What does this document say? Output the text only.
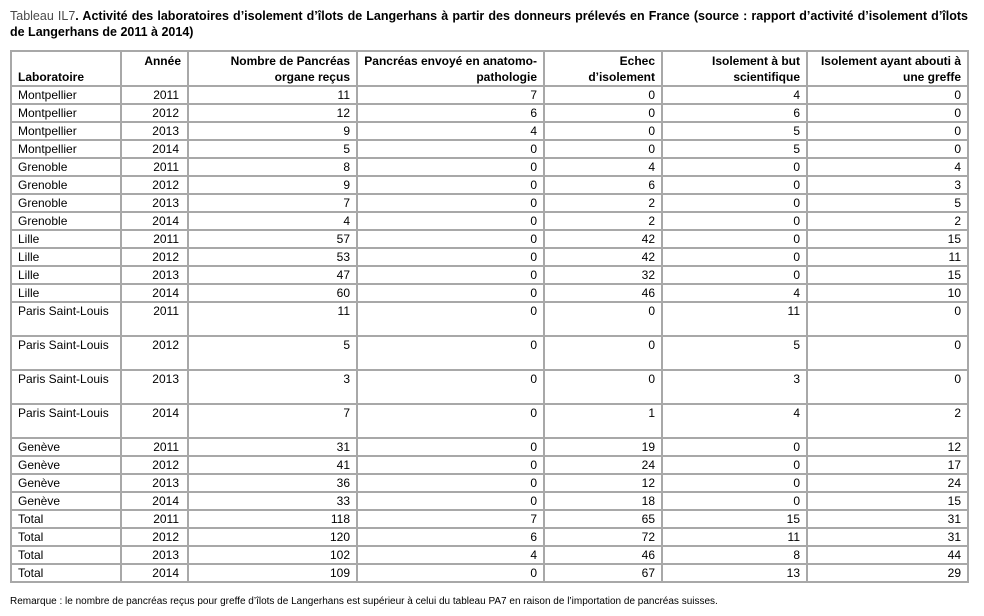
Tableau IL7. Activité des laboratoires d’isolement d’îlots de Langerhans à partir des donneurs prélevés en France (source : rapport d’activité d’isolement d’îlots de Langerhans de 2011 à 2014)
Laboratoire	Année	Nombre de Pancréas organe reçus	Pancréas envoyé en anatomo-pathologie	Echec d’isolement	Isolement à but scientifique	Isolement ayant abouti à une greffe
Montpellier	2011	11	7	0	4	0
Montpellier	2012	12	6	0	6	0
Montpellier	2013	9	4	0	5	0
Montpellier	2014	5	0	0	5	0
Grenoble	2011	8	0	4	0	4
Grenoble	2012	9	0	6	0	3
Grenoble	2013	7	0	2	0	5
Grenoble	2014	4	0	2	0	2
Lille	2011	57	0	42	0	15
Lille	2012	53	0	42	0	11
Lille	2013	47	0	32	0	15
Lille	2014	60	0	46	4	10
Paris Saint-Louis	2011	11	0	0	11	0
Paris Saint-Louis	2012	5	0	0	5	0
Paris Saint-Louis	2013	3	0	0	3	0
Paris Saint-Louis	2014	7	0	1	4	2
Genève	2011	31	0	19	0	12
Genève	2012	41	0	24	0	17
Genève	2013	36	0	12	0	24
Genève	2014	33	0	18	0	15
Total	2011	118	7	65	15	31
Total	2012	120	6	72	11	31
Total	2013	102	4	46	8	44
Total	2014	109	0	67	13	29
Remarque : le nombre de pancréas reçus pour greffe d’îlots de Langerhans est supérieur à celui du tableau PA7 en raison de l’importation de pancréas suisses.
